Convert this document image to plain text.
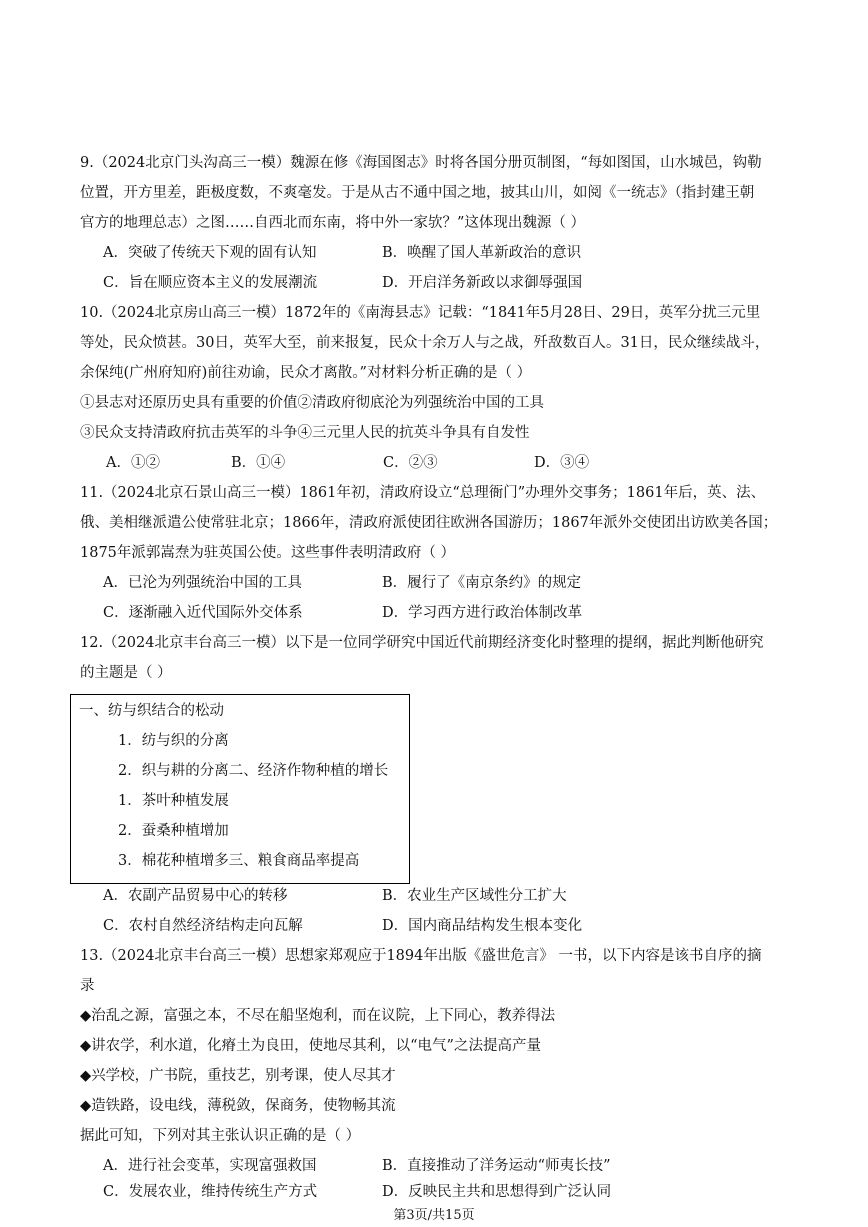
9.（2024北京门头沟高三一模）魏源在修《海国图志》时将各国分册页制图，“每如图国，山水城邑，钩勒
位置，开方里差，距极度数，不爽毫发。于是从古不通中国之地，披其山川，如阅《一统志》（指封建王朝
官方的地理总志）之图……自西北而东南，将中外一家欤？”这体现出魏源（ ）
A．突破了传统天下观的固有认知	B．唤醒了国人革新政治的意识
C．旨在顺应资本主义的发展潮流	D．开启洋务新政以求御辱强国
10.（2024北京房山高三一模）1872年的《南海县志》记载：“1841年5月28日、29日，英军分扰三元里
等处，民众愤甚。30日，英军大至，前来报复，民众十余万人与之战，歼敌数百人。31日，民众继续战斗，
余保纯(广州府知府)前往劝谕，民众才离散。”对材料分析正确的是（ ）
①县志对还原历史具有重要的价值②清政府彻底沦为列强统治中国的工具
③民众支持清政府抗击英军的斗争④三元里人民的抗英斗争具有自发性
A．①②	B．①④	C．②③	D．③④
11.（2024北京石景山高三一模）1861年初，清政府设立“总理衙门”办理外交事务；1861年后，英、法、
俄、美相继派遣公使常驻北京；1866年，清政府派使团往欧洲各国游历；1867年派外交使团出访欧美各国；
1875年派郭嵩焘为驻英国公使。这些事件表明清政府（ ）
A．已沦为列强统治中国的工具	B．履行了《南京条约》的规定
C．逐渐融入近代国际外交体系	D．学习西方进行政治体制改革
12.（2024北京丰台高三一模）以下是一位同学研究中国近代前期经济变化时整理的提纲，据此判断他研究
的主题是（ ）
一、纺与织结合的松动
1．纺与织的分离
2．织与耕的分离二、经济作物种植的增长
1．茶叶种植发展
2．蚕桑种植增加
3．棉花种植增多三、粮食商品率提高
A．农副产品贸易中心的转移	B．农业生产区域性分工扩大
C．农村自然经济结构走向瓦解	D．国内商品结构发生根本变化
13.（2024北京丰台高三一模）思想家郑观应于1894年出版《盛世危言》 一书，以下内容是该书自序的摘
录
◆治乱之源，富强之本，不尽在船坚炮利，而在议院，上下同心，教养得法
◆讲农学，利水道，化瘠土为良田，使地尽其利，以“电气”之法提高产量
◆兴学校，广书院，重技艺，别考课，使人尽其才
◆造铁路，设电线，薄税敛，保商务，使物畅其流
据此可知，下列对其主张认识正确的是（ ）
A．进行社会变革，实现富强救国	B．直接推动了洋务运动“师夷长技”
C．发展农业，维持传统生产方式	D．反映民主共和思想得到广泛认同
第3页/共15页
